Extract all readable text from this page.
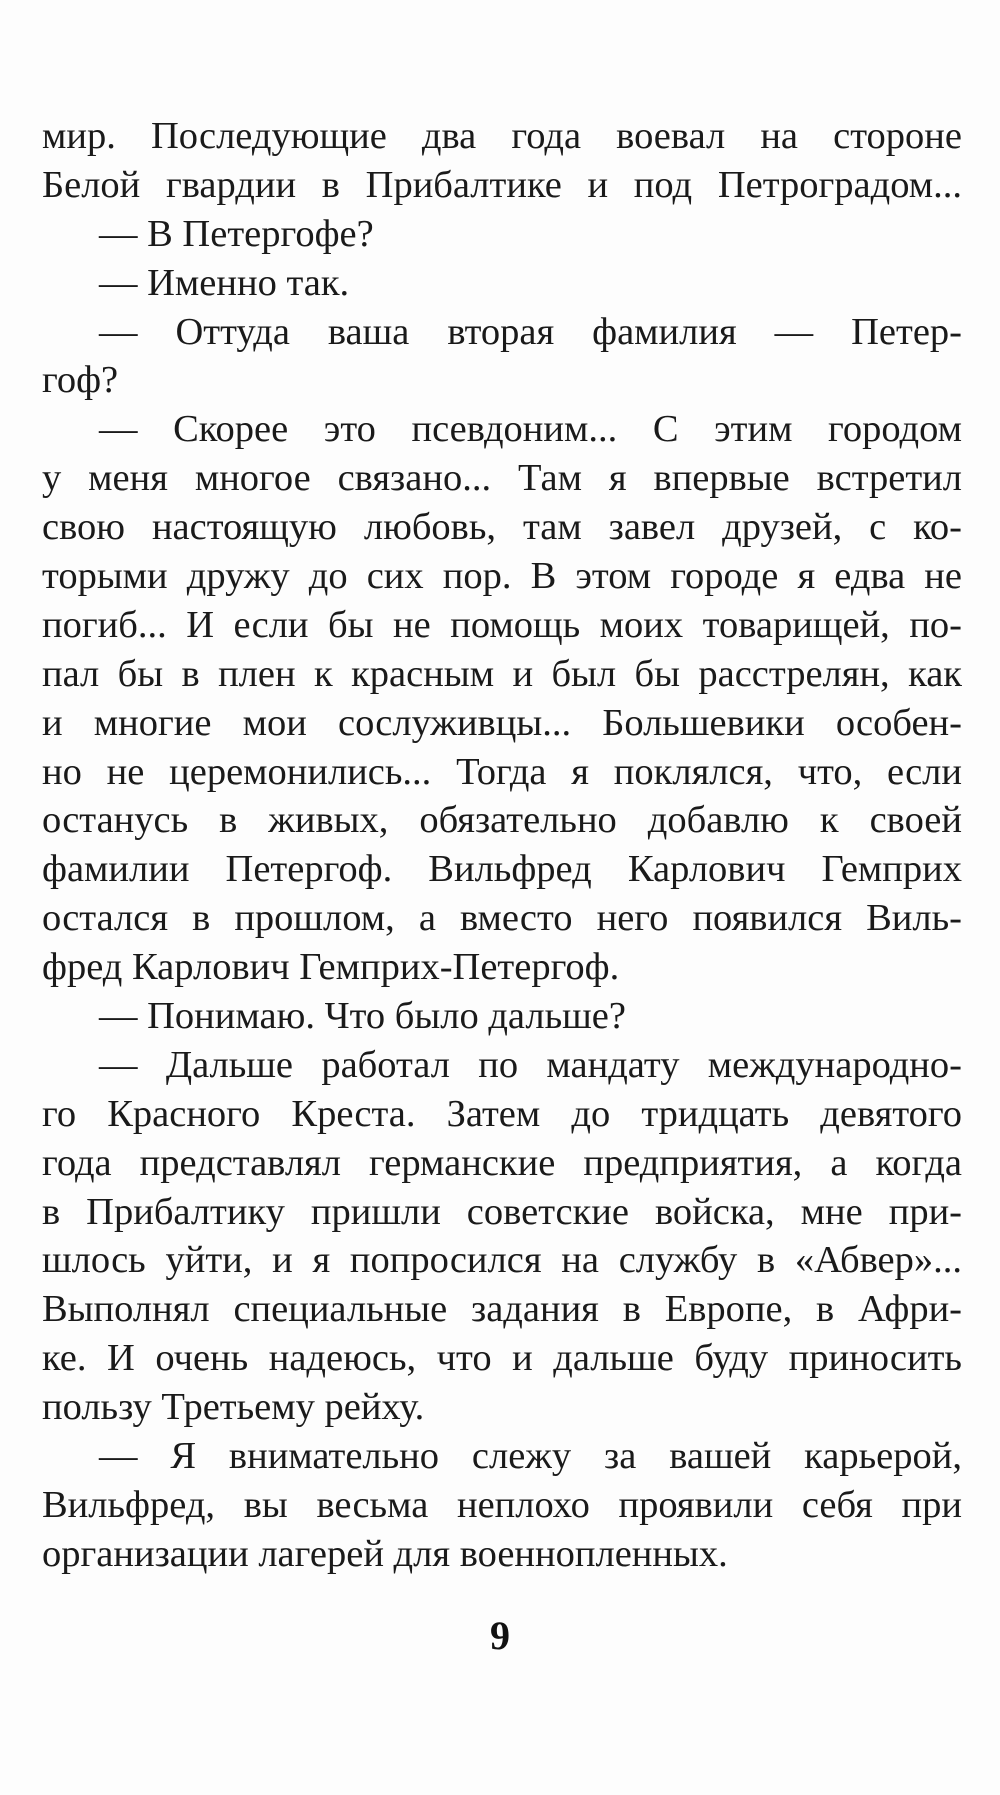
мир. Последующие два года воевал на стороне
Белой гвардии в Прибалтике и под Петроградом...
— В Петергофе?
— Именно так.
— Оттуда ваша вторая фамилия — Петер-
гоф?
— Скорее это псевдоним... С этим городом
у меня многое связано... Там я впервые встретил
свою настоящую любовь, там завел друзей, с ко-
торыми дружу до сих пор. В этом городе я едва не
погиб... И если бы не помощь моих товарищей, по-
пал бы в плен к красным и был бы расстрелян, как
и многие мои сослуживцы... Большевики особен-
но не церемонились... Тогда я поклялся, что, если
останусь в живых, обязательно добавлю к своей
фамилии Петергоф. Вильфред Карлович Гемприх
остался в прошлом, а вместо него появился Виль-
фред Карлович Гемприх-Петергоф.
— Понимаю. Что было дальше?
— Дальше работал по мандату международно-
го Красного Креста. Затем до тридцать девятого
года представлял германские предприятия, а когда
в Прибалтику пришли советские войска, мне при-
шлось уйти, и я попросился на службу в «Абвер»...
Выполнял специальные задания в Европе, в Афри-
ке. И очень надеюсь, что и дальше буду приносить
пользу Третьему рейху.
— Я внимательно слежу за вашей карьерой,
Вильфред, вы весьма неплохо проявили себя при
организации лагерей для военнопленных.
9
